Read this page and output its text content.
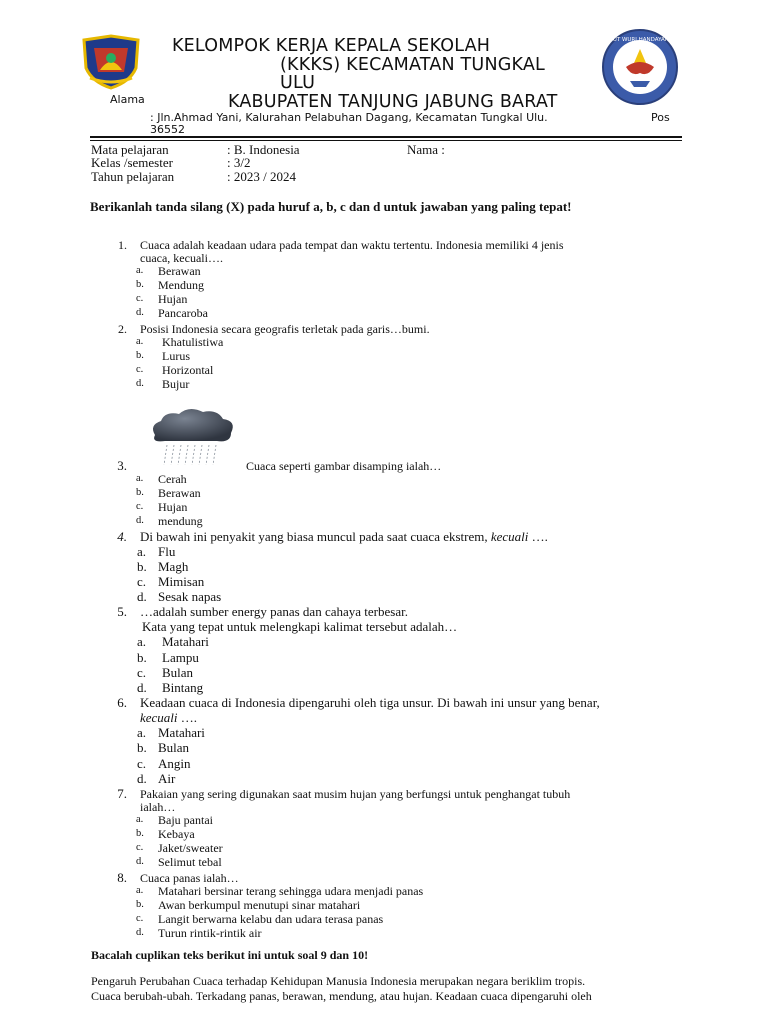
TUT WURI HANDAYANI
KELOMPOK KERJA KEPALA SEKOLAH
(KKKS) KECAMATAN TUNGKAL
ULU
Alama	KABUPATEN TANJUNG JABUNG BARAT
: Jln.Ahmad Yani, Kalurahan Pelabuhan Dagang, Kecamatan Tungkal Ulu.	Pos
36552
Mata pelajaran	: B. Indonesia	Nama :
Kelas /semester	: 3/2
Tahun pelajaran	: 2023 / 2024
Berikanlah tanda silang (X) pada huruf a, b, c dan d untuk jawaban yang paling tepat!
1. Cuaca adalah keadaan udara pada tempat dan waktu tertentu. Indonesia memiliki 4 jenis
cuaca, kecuali….
a. Berawan
b. Mendung
c. Hujan
d. Pancaroba
2. Posisi Indonesia secara geografis terletak pada garis…bumi.
a. Khatulistiwa
b. Lurus
c. Horizontal
d. Bujur
3.	Cuaca seperti gambar disamping ialah…
a. Cerah
b. Berawan
c. Hujan
d. mendung
4. Di bawah ini penyakit yang biasa muncul pada saat cuaca ekstrem, kecuali ….
a. Flu
b. Magh
c. Mimisan
d. Sesak napas
5. …adalah sumber energy panas dan cahaya terbesar.
Kata yang tepat untuk melengkapi kalimat tersebut adalah…
a. Matahari
b. Lampu
c. Bulan
d. Bintang
6. Keadaan cuaca di Indonesia dipengaruhi oleh tiga unsur. Di bawah ini unsur yang benar,
kecuali ….
a. Matahari
b. Bulan
c. Angin
d. Air
7. Pakaian yang sering digunakan saat musim hujan yang berfungsi untuk penghangat tubuh
ialah…
a. Baju pantai
b. Kebaya
c. Jaket/sweater
d. Selimut tebal
8. Cuaca panas ialah…
a. Matahari bersinar terang sehingga udara menjadi panas
b. Awan berkumpul menutupi sinar matahari
c. Langit berwarna kelabu dan udara terasa panas
d. Turun rintik-rintik air
Bacalah cuplikan teks berikut ini untuk soal 9 dan 10!
Pengaruh Perubahan Cuaca terhadap Kehidupan Manusia Indonesia merupakan negara beriklim tropis.
Cuaca berubah-ubah. Terkadang panas, berawan, mendung, atau hujan. Keadaan cuaca dipengaruhi oleh
